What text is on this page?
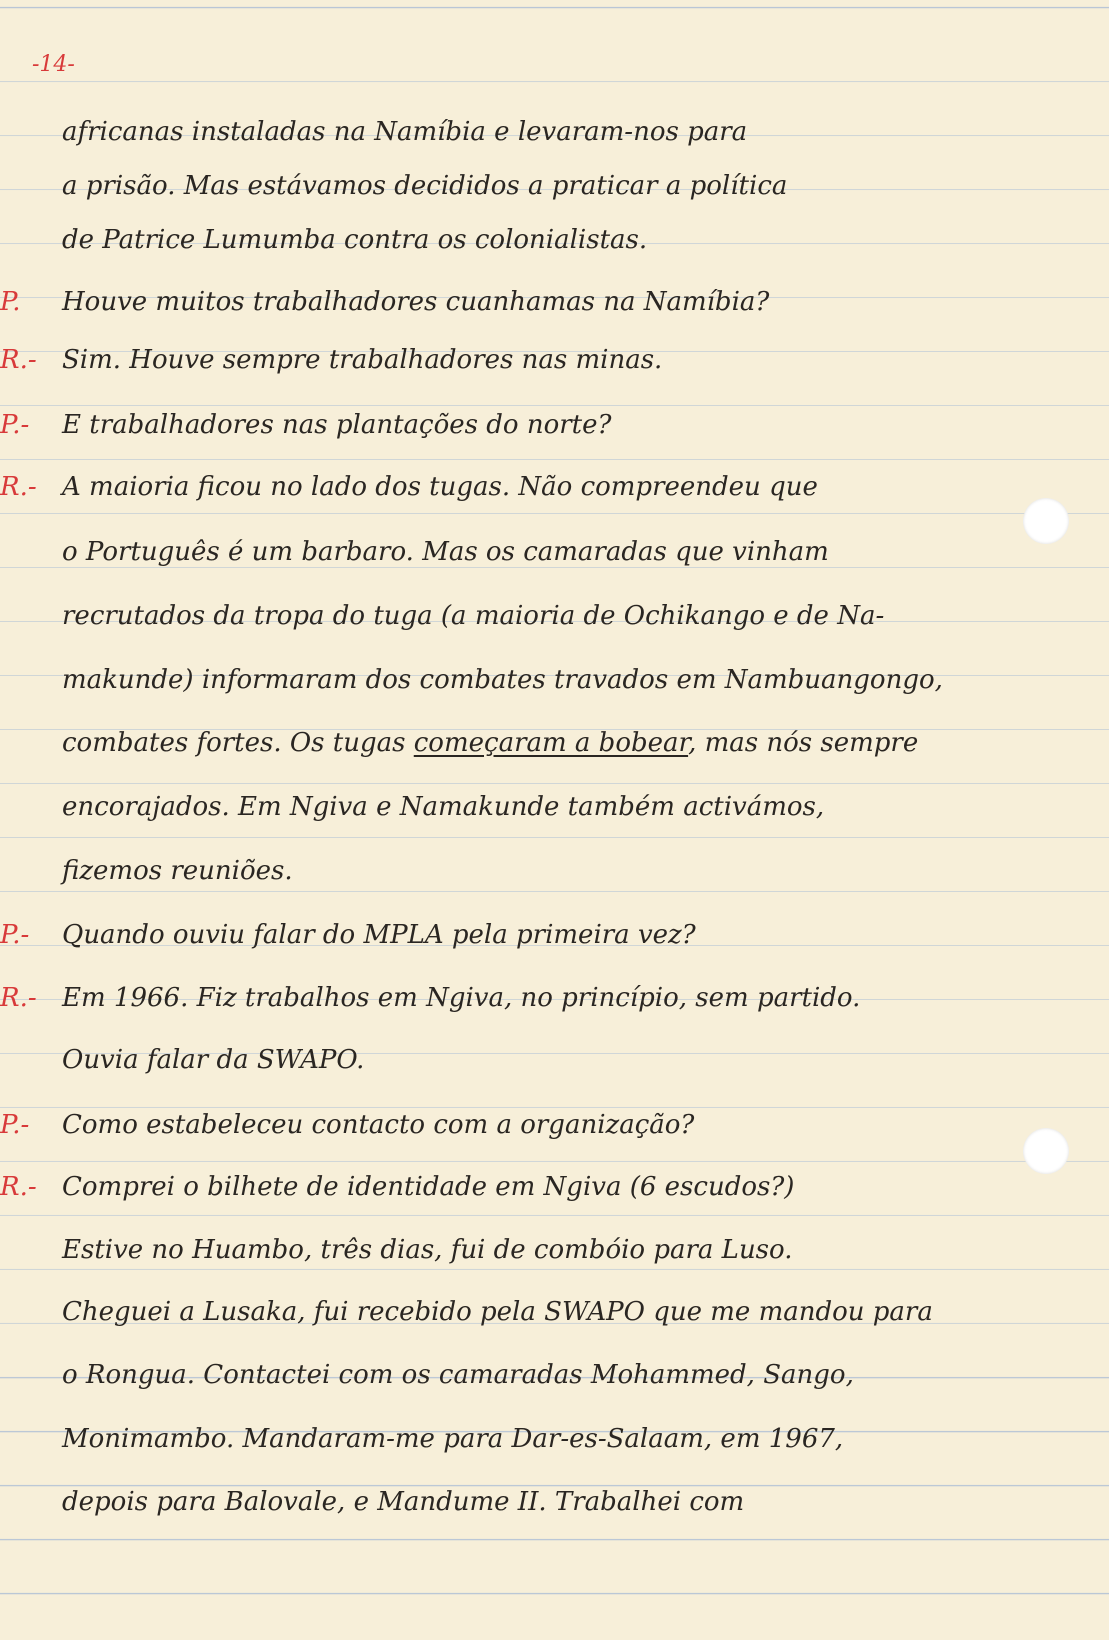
-14-
africanas instaladas na Namíbia e levaram-nos para
a prisão. Mas estávamos decididos a praticar a política
de Patrice Lumumba contra os colonialistas.
P. Houve muitos trabalhadores cuanhamas na Namíbia?
R.- Sim. Houve sempre trabalhadores nas minas.
P.- E trabalhadores nas plantações do norte?
R.- A maioria ficou no lado dos tugas. Não compreendeu que
o Português é um barbaro. Mas os camaradas que vinham
recrutados da tropa do tuga (a maioria de Ochikango e de Na-
makunde) informaram dos combates travados em Nambuangongo,
combates fortes. Os tugas começaram a bobear, mas nós sempre
encorajados. Em Ngiva e Namakunde também activámos,
fizemos reuniões.
P.- Quando ouviu falar do MPLA pela primeira vez?
R.- Em 1966. Fiz trabalhos em Ngiva, no princípio, sem partido.
Ouvia falar da SWAPO.
P.- Como estabeleceu contacto com a organização?
R.- Comprei o bilhete de identidade em Ngiva (6 escudos?)
Estive no Huambo, três dias, fui de combóio para Luso.
Cheguei a Lusaka, fui recebido pela SWAPO que me mandou para
o Rongua. Contactei com os camaradas Mohammed, Sango,
Monimambo. Mandaram-me para Dar-es-Salaam, em 1967,
depois para Balovale, e Mandume II. Trabalhei com
